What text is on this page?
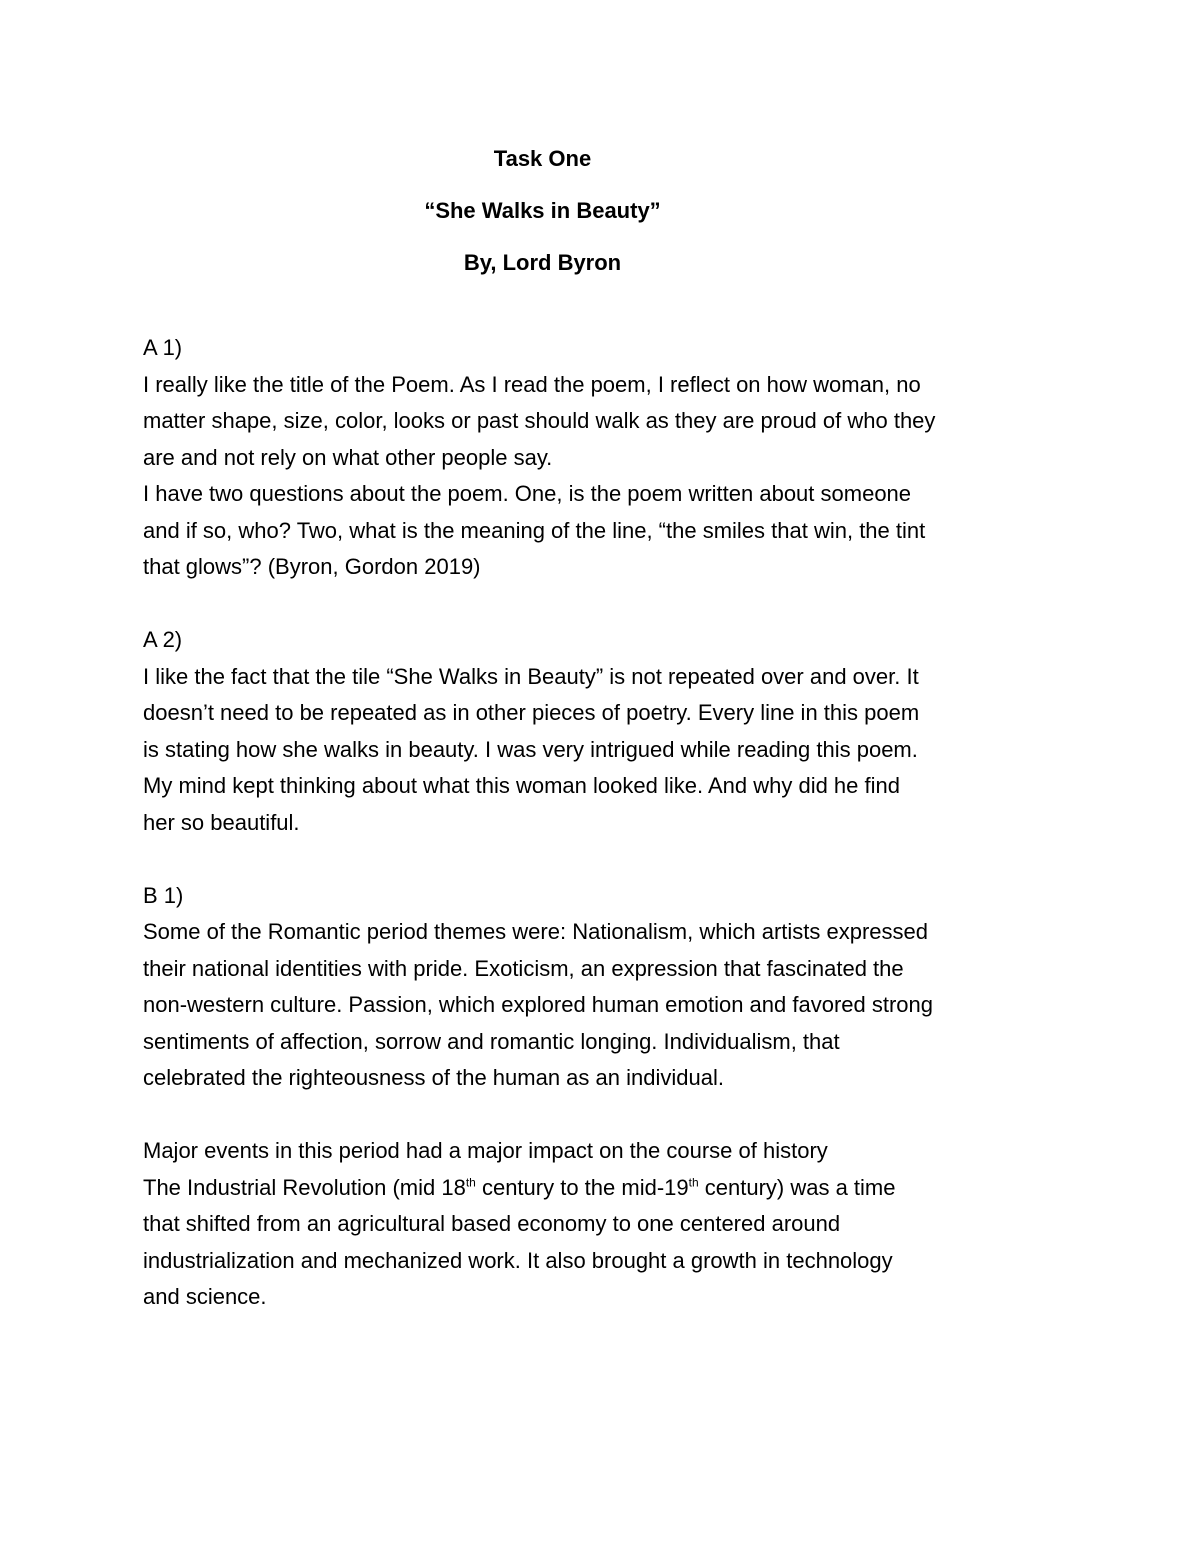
Task One
“She Walks in Beauty”
By, Lord Byron
A 1)
I really like the title of the Poem. As I read the poem, I reflect on how woman, no
matter shape, size, color, looks or past should walk as they are proud of who they
are and not rely on what other people say.
I have two questions about the poem. One, is the poem written about someone
and if so, who? Two, what is the meaning of the line, “the smiles that win, the tint
that glows”? (Byron, Gordon 2019)
A 2)
I like the fact that the tile “She Walks in Beauty” is not repeated over and over. It
doesn’t need to be repeated as in other pieces of poetry. Every line in this poem
is stating how she walks in beauty. I was very intrigued while reading this poem.
My mind kept thinking about what this woman looked like. And why did he find
her so beautiful.
B 1)
Some of the Romantic period themes were: Nationalism, which artists expressed
their national identities with pride. Exoticism, an expression that fascinated the
non-western culture. Passion, which explored human emotion and favored strong
sentiments of affection, sorrow and romantic longing. Individualism, that
celebrated the righteousness of the human as an individual.
Major events in this period had a major impact on the course of history
The Industrial Revolution (mid 18th century to the mid-19th century) was a time
that shifted from an agricultural based economy to one centered around
industrialization and mechanized work. It also brought a growth in technology
and science.
